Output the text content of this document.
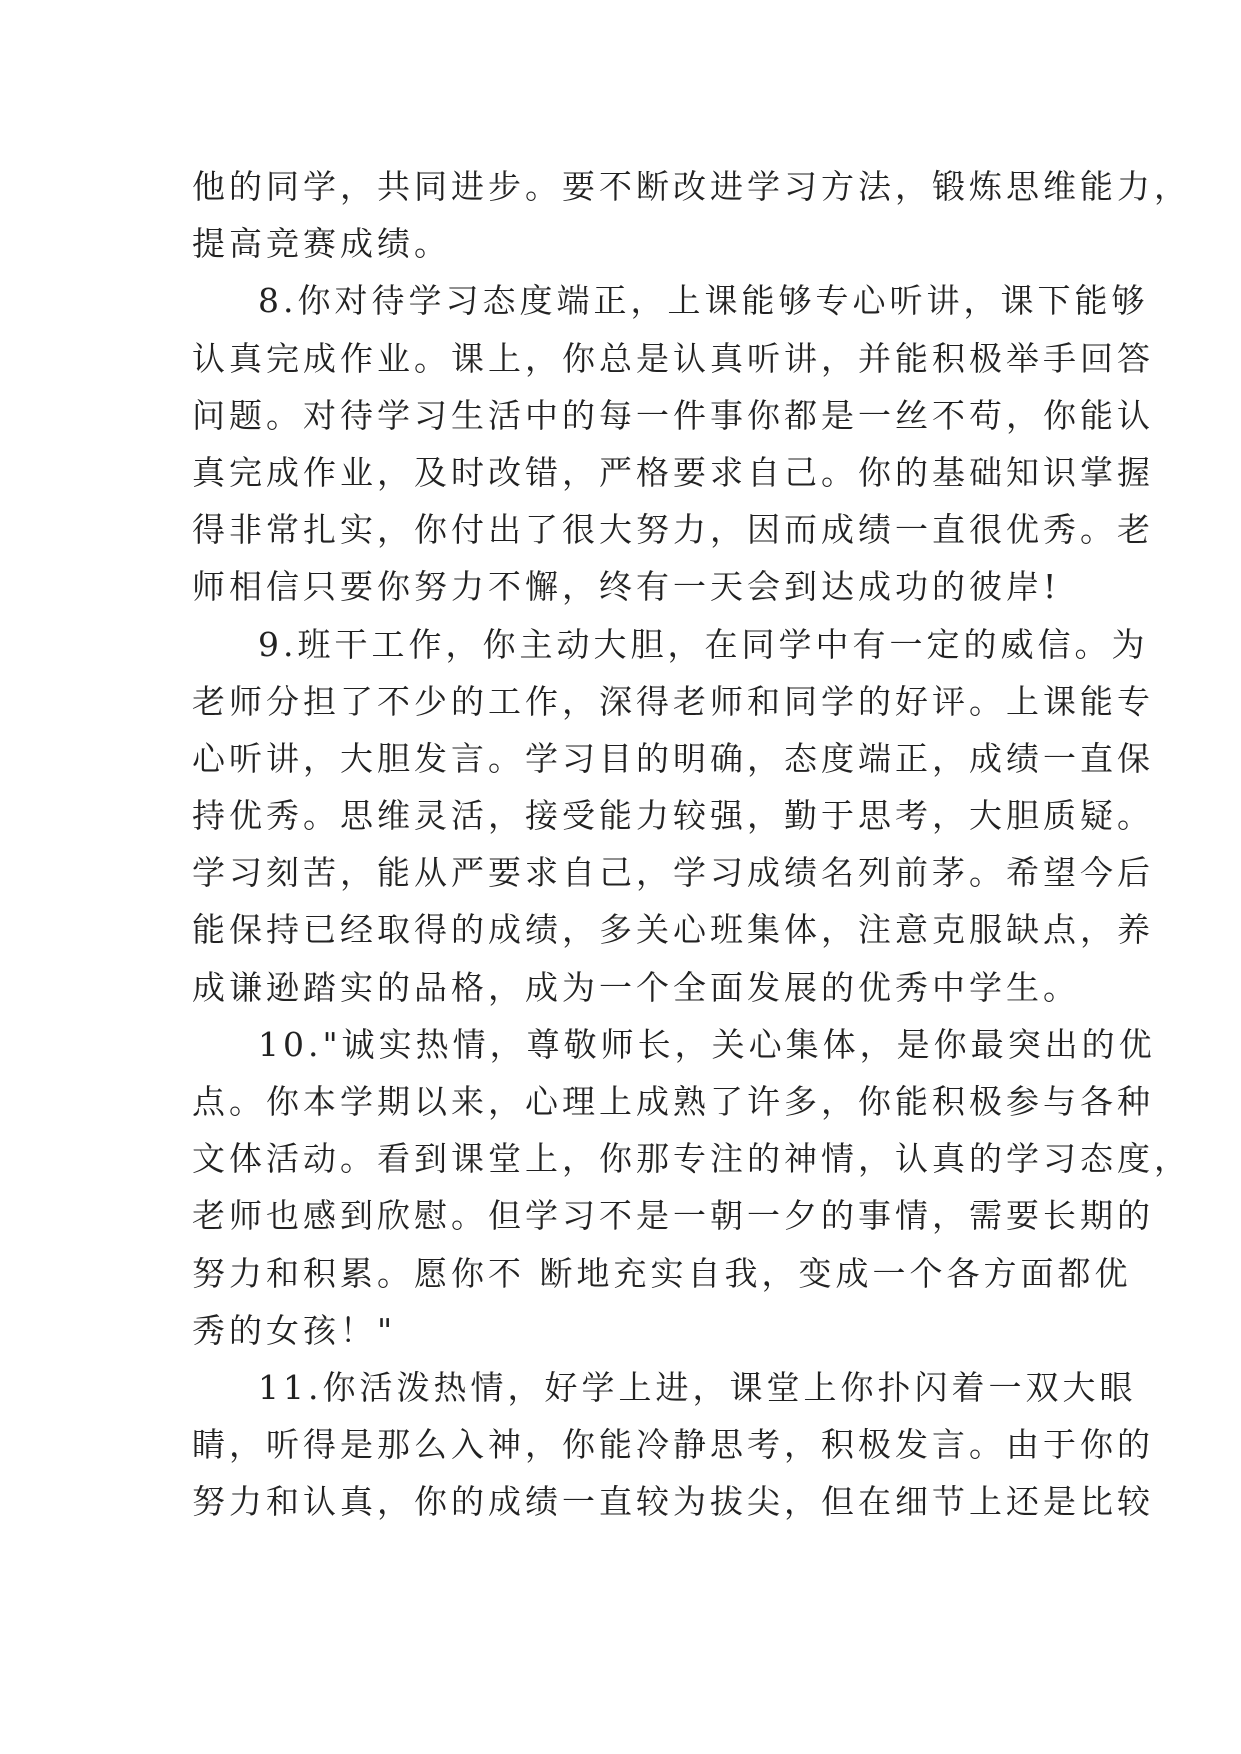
他的同学，共同进步。要不断改进学习方法，锻炼思维能力，
提高竞赛成绩。
8.你对待学习态度端正，上课能够专心听讲，课下能够
认真完成作业。课上，你总是认真听讲，并能积极举手回答
问题。对待学习生活中的每一件事你都是一丝不苟，你能认
真完成作业，及时改错，严格要求自己。你的基础知识掌握
得非常扎实，你付出了很大努力，因而成绩一直很优秀。老
师相信只要你努力不懈，终有一天会到达成功的彼岸!
9.班干工作，你主动大胆，在同学中有一定的威信。为
老师分担了不少的工作，深得老师和同学的好评。上课能专
心听讲，大胆发言。学习目的明确，态度端正，成绩一直保
持优秀。思维灵活，接受能力较强，勤于思考，大胆质疑。
学习刻苦，能从严要求自己，学习成绩名列前茅。希望今后
能保持已经取得的成绩，多关心班集体，注意克服缺点，养
成谦逊踏实的品格，成为一个全面发展的优秀中学生。
10."诚实热情，尊敬师长，关心集体，是你最突出的优
点。你本学期以来，心理上成熟了许多，你能积极参与各种
文体活动。看到课堂上，你那专注的神情，认真的学习态度，
老师也感到欣慰。但学习不是一朝一夕的事情，需要长期的
努力和积累。愿你不 断地充实自我，变成一个各方面都优
秀的女孩！"
11.你活泼热情，好学上进，课堂上你扑闪着一双大眼
睛，听得是那么入神，你能冷静思考，积极发言。由于你的
努力和认真，你的成绩一直较为拔尖，但在细节上还是比较
